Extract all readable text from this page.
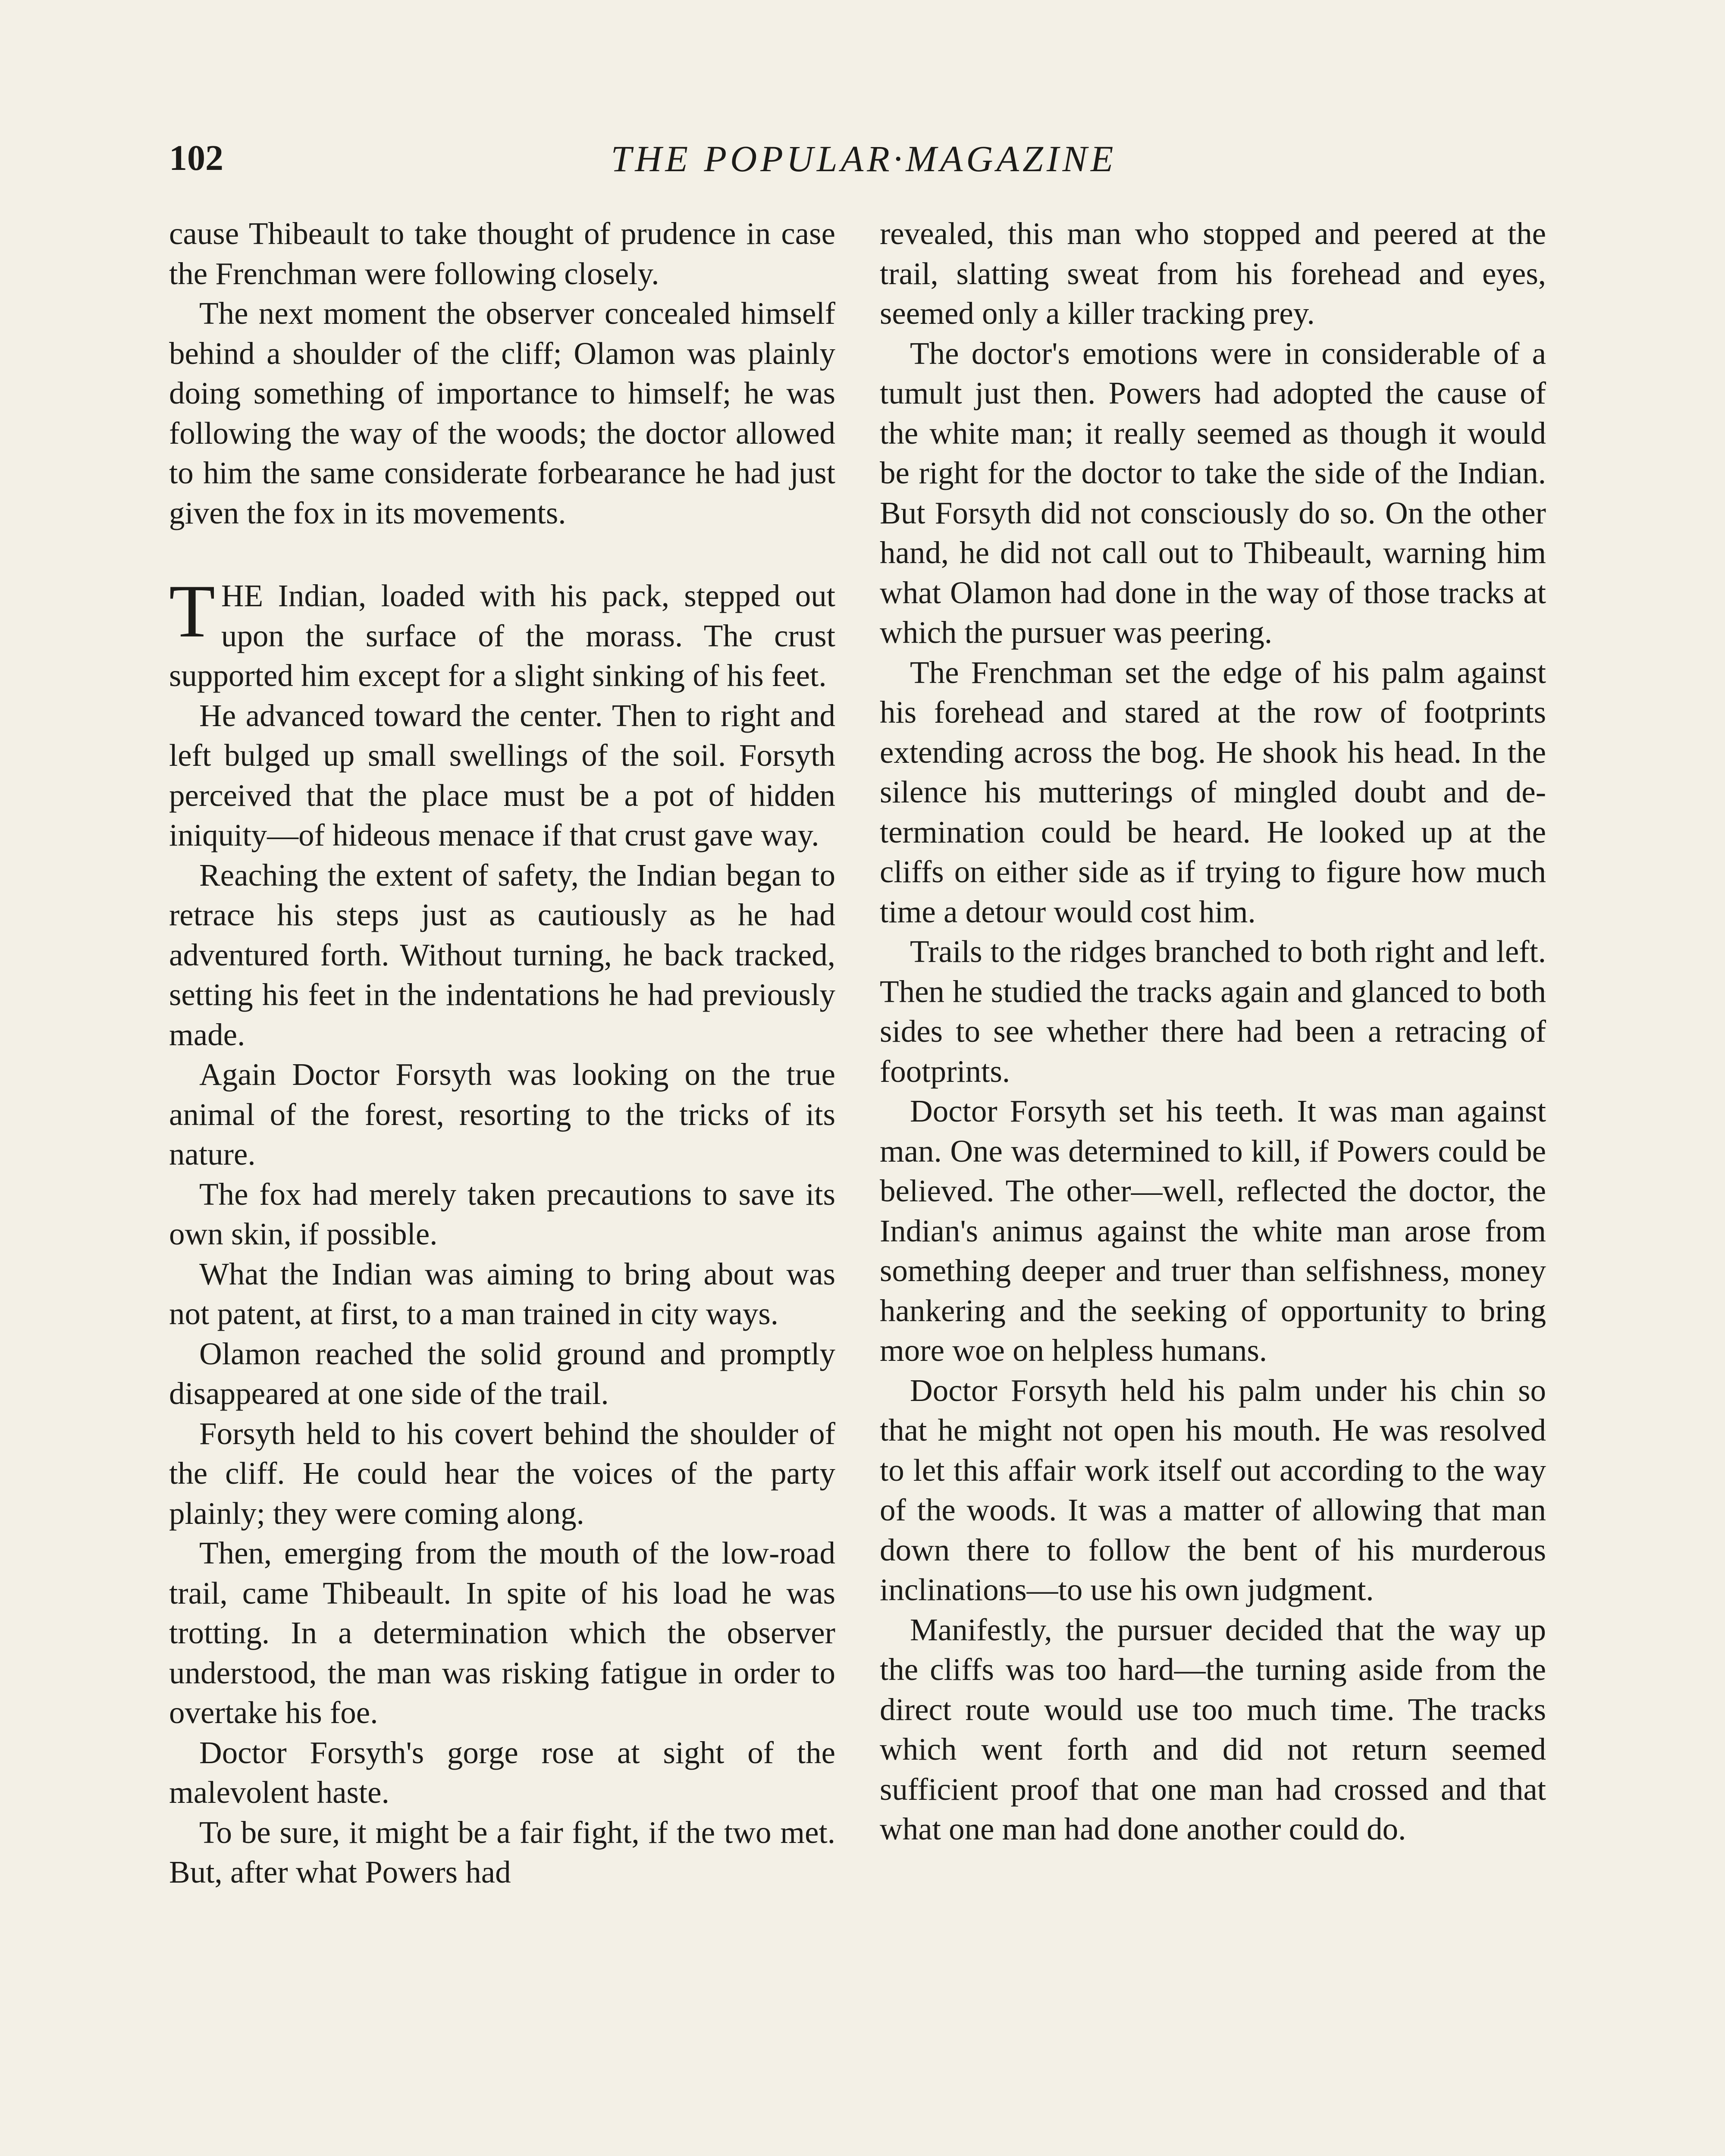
102	THE POPULAR·MAGAZINE

cause Thibeault to take thought of prudence in case the Frenchman were following closely.

The next moment the observer concealed himself behind a shoulder of the cliff; Olamon was plainly doing something of importance to himself; he was following the way of the woods; the doctor allowed to him the same considerate forbearance he had just given the fox in its movements.

THE Indian, loaded with his pack, stepped out upon the surface of the morass. The crust supported him except for a slight sinking of his feet.

He advanced toward the center. Then to right and left bulged up small swellings of the soil. Forsyth perceived that the place must be a pot of hidden iniquity—of hideous menace if that crust gave way.

Reaching the extent of safety, the Indian began to retrace his steps just as cautiously as he had adventured forth. Without turning, he back tracked, setting his feet in the indentations he had previously made.

Again Doctor Forsyth was looking on the true animal of the forest, resorting to the tricks of its nature.

The fox had merely taken precautions to save its own skin, if possible.

What the Indian was aiming to bring about was not patent, at first, to a man trained in city ways.

Olamon reached the solid ground and promptly disappeared at one side of the trail.

Forsyth held to his covert behind the shoulder of the cliff. He could hear the voices of the party plainly; they were coming along.

Then, emerging from the mouth of the low-road trail, came Thibeault. In spite of his load he was trotting. In a determination which the observer understood, the man was risking fatigue in order to overtake his foe.

Doctor Forsyth's gorge rose at sight of the malevolent haste.

To be sure, it might be a fair fight, if the two met. But, after what Powers had

revealed, this man who stopped and peered at the trail, slatting sweat from his forehead and eyes, seemed only a killer tracking prey.

The doctor's emotions were in considerable of a tumult just then. Powers had adopted the cause of the white man; it really seemed as though it would be right for the doctor to take the side of the Indian. But Forsyth did not consciously do so. On the other hand, he did not call out to Thibeault, warning him what Olamon had done in the way of those tracks at which the pursuer was peering.

The Frenchman set the edge of his palm against his forehead and stared at the row of footprints extending across the bog. He shook his head. In the silence his mutterings of mingled doubt and determination could be heard. He looked up at the cliffs on either side as if trying to figure how much time a detour would cost him.

Trails to the ridges branched to both right and left. Then he studied the tracks again and glanced to both sides to see whether there had been a retracing of footprints.

Doctor Forsyth set his teeth. It was man against man. One was determined to kill, if Powers could be believed. The other—well, reflected the doctor, the Indian's animus against the white man arose from something deeper and truer than selfishness, money hankering and the seeking of opportunity to bring more woe on helpless humans.

Doctor Forsyth held his palm under his chin so that he might not open his mouth. He was resolved to let this affair work itself out according to the way of the woods. It was a matter of allowing that man down there to follow the bent of his murderous inclinations—to use his own judgment.

Manifestly, the pursuer decided that the way up the cliffs was too hard—the turning aside from the direct route would use too much time. The tracks which went forth and did not return seemed sufficient proof that one man had crossed and that what one man had done another could do.
